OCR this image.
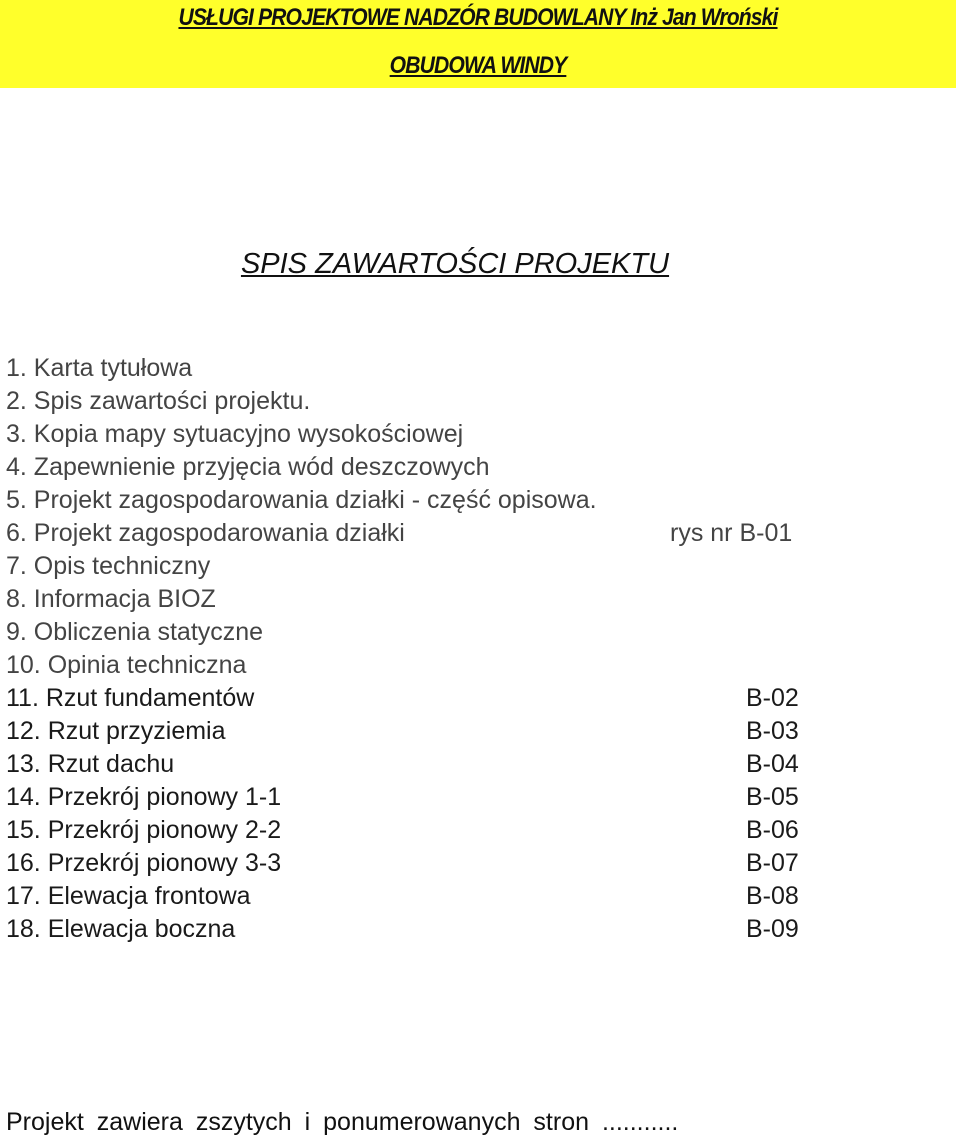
USŁUGI PROJEKTOWE NADZÓR BUDOWLANY Inż Jan Wroński
OBUDOWA WINDY
SPIS ZAWARTOŚCI PROJEKTU
1. Karta tytułowa
2. Spis zawartości projektu.
3. Kopia mapy sytuacyjno wysokościowej
4. Zapewnienie przyjęcia wód deszczowych
5. Projekt zagospodarowania działki - część opisowa.
6. Projekt zagospodarowania działki	rys nr B-01
7. Opis techniczny
8. Informacja BIOZ
9. Obliczenia statyczne
10. Opinia techniczna
11. Rzut fundamentów	B-02
12. Rzut przyziemia	B-03
13. Rzut dachu	B-04
14. Przekrój pionowy 1-1	B-05
15. Przekrój pionowy 2-2	B-06
16. Przekrój pionowy 3-3	B-07
17. Elewacja frontowa	B-08
18. Elewacja boczna	B-09
Projekt zawiera zszytych i ponumerowanych stron ...........
